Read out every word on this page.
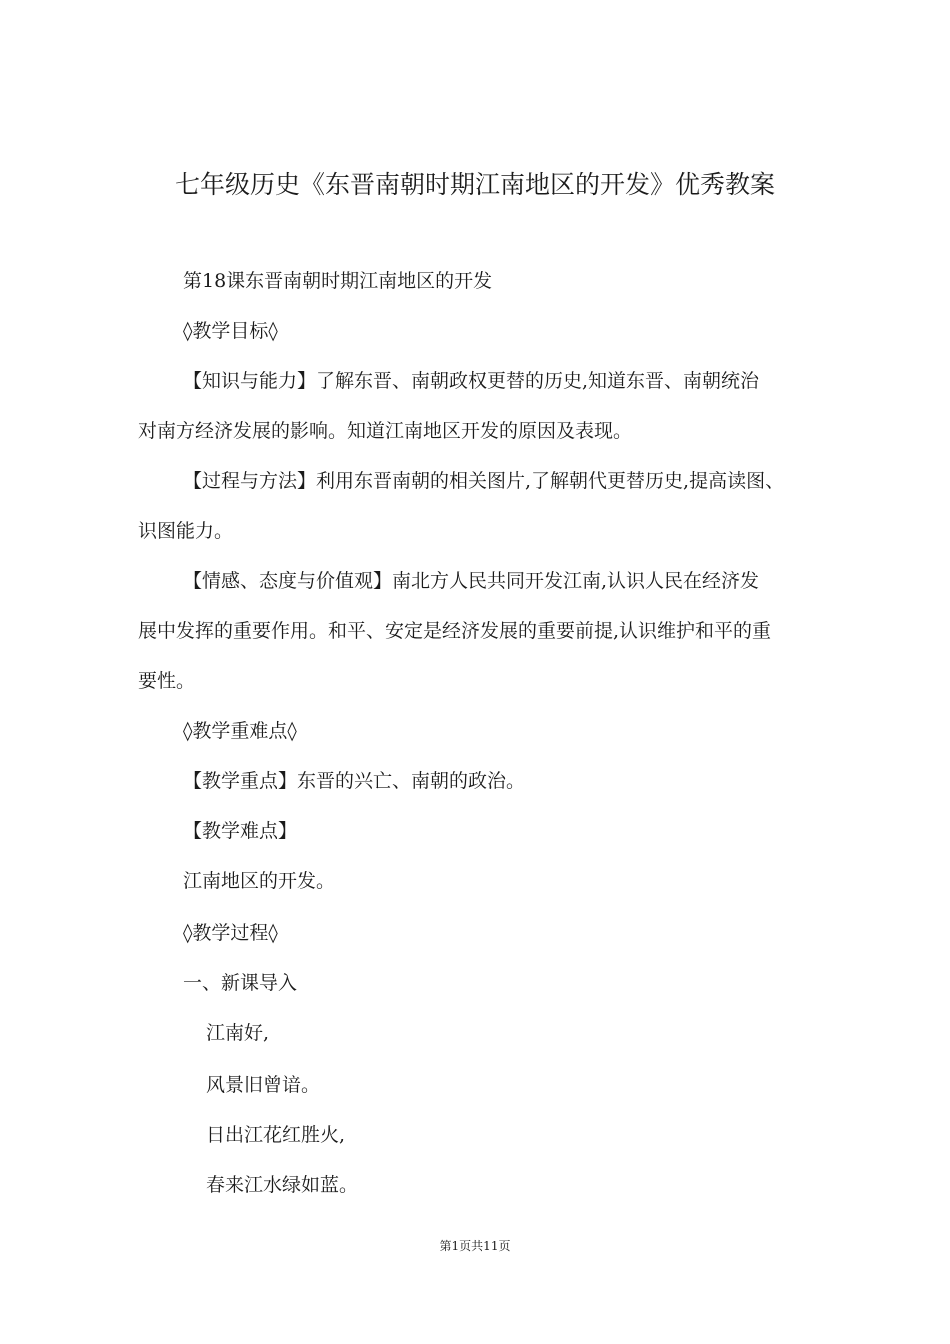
七年级历史《东晋南朝时期江南地区的开发》优秀教案
第18课东晋南朝时期江南地区的开发
◊教学目标◊
【知识与能力】了解东晋、南朝政权更替的历史,知道东晋、南朝统治
对南方经济发展的影响。知道江南地区开发的原因及表现。
【过程与方法】利用东晋南朝的相关图片,了解朝代更替历史,提高读图、
识图能力。
【情感、态度与价值观】南北方人民共同开发江南,认识人民在经济发
展中发挥的重要作用。和平、安定是经济发展的重要前提,认识维护和平的重
要性。
◊教学重难点◊
【教学重点】东晋的兴亡、南朝的政治。
【教学难点】
江南地区的开发。
◊教学过程◊
一、新课导入
江南好,
风景旧曾谙。
日出江花红胜火,
春来江水绿如蓝。
第1页共11页
